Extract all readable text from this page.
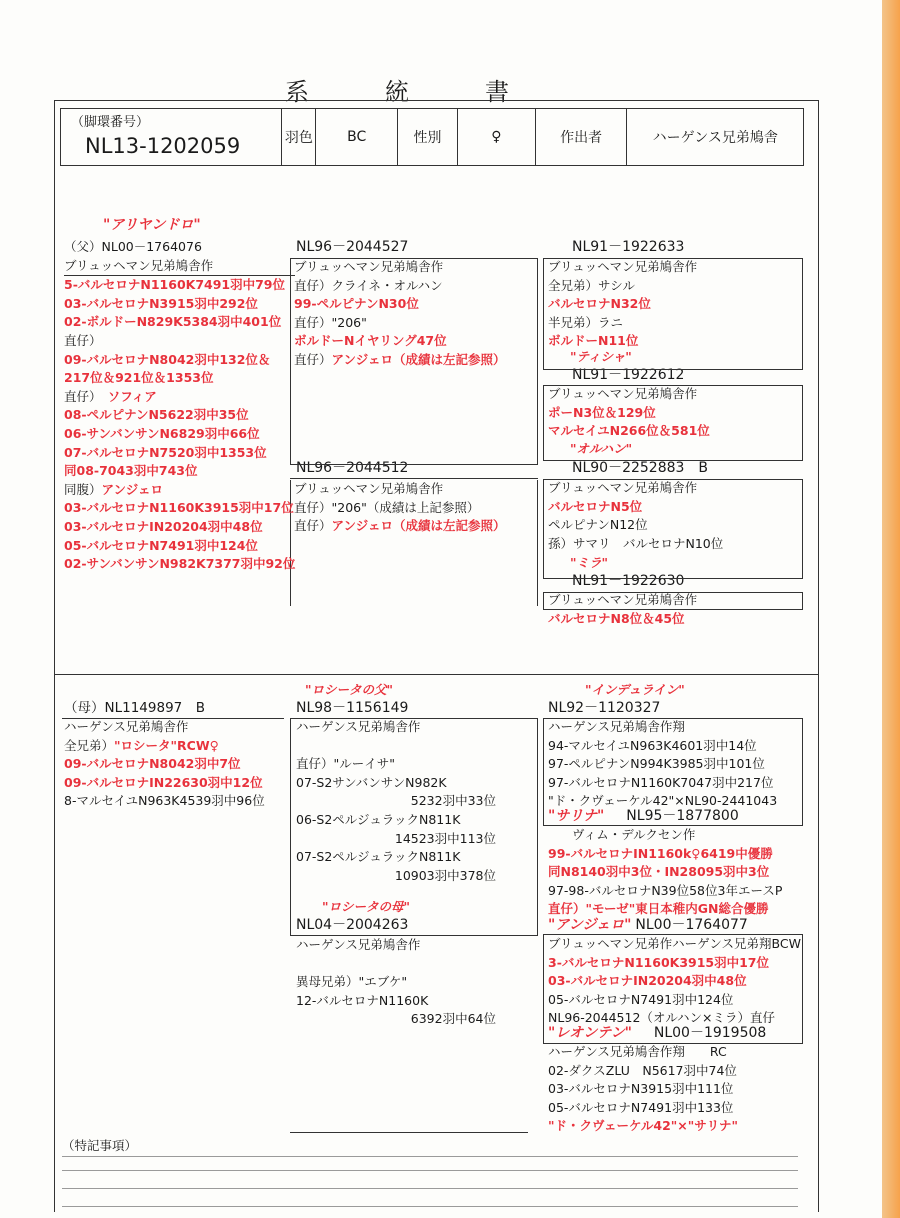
系　統　書
（脚環番号）
NL13-1202059	羽色	BC	性別	♀	作出者	ハーゲンス兄弟鳩舎
"アリヤンドロ"
"ティシャ"
"オルハン"
"ミラ"
"ロシータの父"	"インデュライン"
"ロシータの母"
NL96－2044527	NL91－1922633
NL91－1922612
NL96－2044512	NL90－2252883　B
NL91－1922630
NL98－1156149	NL92－1120327
NL04－2004263
"サリナ" NL95－1877800
"アンジェロ" NL00－1764077
"レオンテン" NL00－1919508
（父）NL00－1764076
ブリュッヘマン兄弟鳩舎作
5-バルセロナN1160K7491羽中79位
03-バルセロナN3915羽中292位
02-ボルドーN829K5384羽中401位
直仔）
09-バルセロナN8042羽中132位＆
217位＆921位＆1353位
直仔）　ソフィア
08-ペルピナンN5622羽中35位
06-サンバンサンN6829羽中66位
07-バルセロナN7520羽中1353位
同08-7043羽中743位
同腹）アンジェロ
03-バルセロナN1160K3915羽中17位
03-バルセロナIN20204羽中48位
05-バルセロナN7491羽中124位
02-サンバンサンN982K7377羽中92位
ブリュッヘマン兄弟鳩舎作
直仔）クライネ・オルハン
99-ペルピナンN30位
直仔）"206"
ボルドーNイヤリング47位
直仔）アンジェロ（成績は左記参照）
ブリュッヘマン兄弟鳩舎作
直仔）"206"（成績は上記参照）
直仔）アンジェロ（成績は左記参照）
ブリュッヘマン兄弟鳩舎作
全兄弟）サシル
バルセロナN32位
半兄弟）ラニ
ボルドーN11位
ブリュッヘマン兄弟鳩舎作
ポーN3位＆129位
マルセイユN266位＆581位
ブリュッヘマン兄弟鳩舎作
バルセロナN5位
ペルピナンN12位
孫）サマリ　バルセロナN10位
ブリュッヘマン兄弟鳩舎作
バルセロナN8位＆45位
（母）NL1149897　B
ハーゲンス兄弟鳩舎作
全兄弟）"ロシータ"RCW♀
09-バルセロナN8042羽中7位
09-バルセロナIN22630羽中12位
8-マルセイユN963K4539羽中96位
ハーゲンス兄弟鳩舎作
直仔）"ルーイサ"
07-S2サンバンサンN982K
5232羽中33位
06-S2ペルジュラックN811K
14523羽中113位
07-S2ペルジュラックN811K
10903羽中378位
ハーゲンス兄弟鳩舎作
異母兄弟）"エブケ"
12-バルセロナN1160K
6392羽中64位
ハーゲンス兄弟鳩舎作翔
94-マルセイユN963K4601羽中14位
97-ペルピナンN994K3985羽中101位
97-バルセロナN1160K7047羽中217位
"ド・クヴェーケル42"×NL90-2441043
ヴィム・デルクセン作
99-バルセロナIN1160k♀6419中優勝
同N8140羽中3位・IN28095羽中3位
97-98-バルセロナN39位58位3年エースP
直仔）"モーゼ"東日本稚内GN総合優勝
ブリュッヘマン兄弟作ハーゲンス兄弟翔BCW
3-バルセロナN1160K3915羽中17位
03-バルセロナIN20204羽中48位
05-バルセロナN7491羽中124位
NL96-2044512（オルハン×ミラ）直仔
ハーゲンス兄弟鳩舎作翔　　RC
02-ダクスZLU　N5617羽中74位
03-バルセロナN3915羽中111位
05-バルセロナN7491羽中133位
"ド・クヴェーケル42"×"サリナ"
（特記事項）
